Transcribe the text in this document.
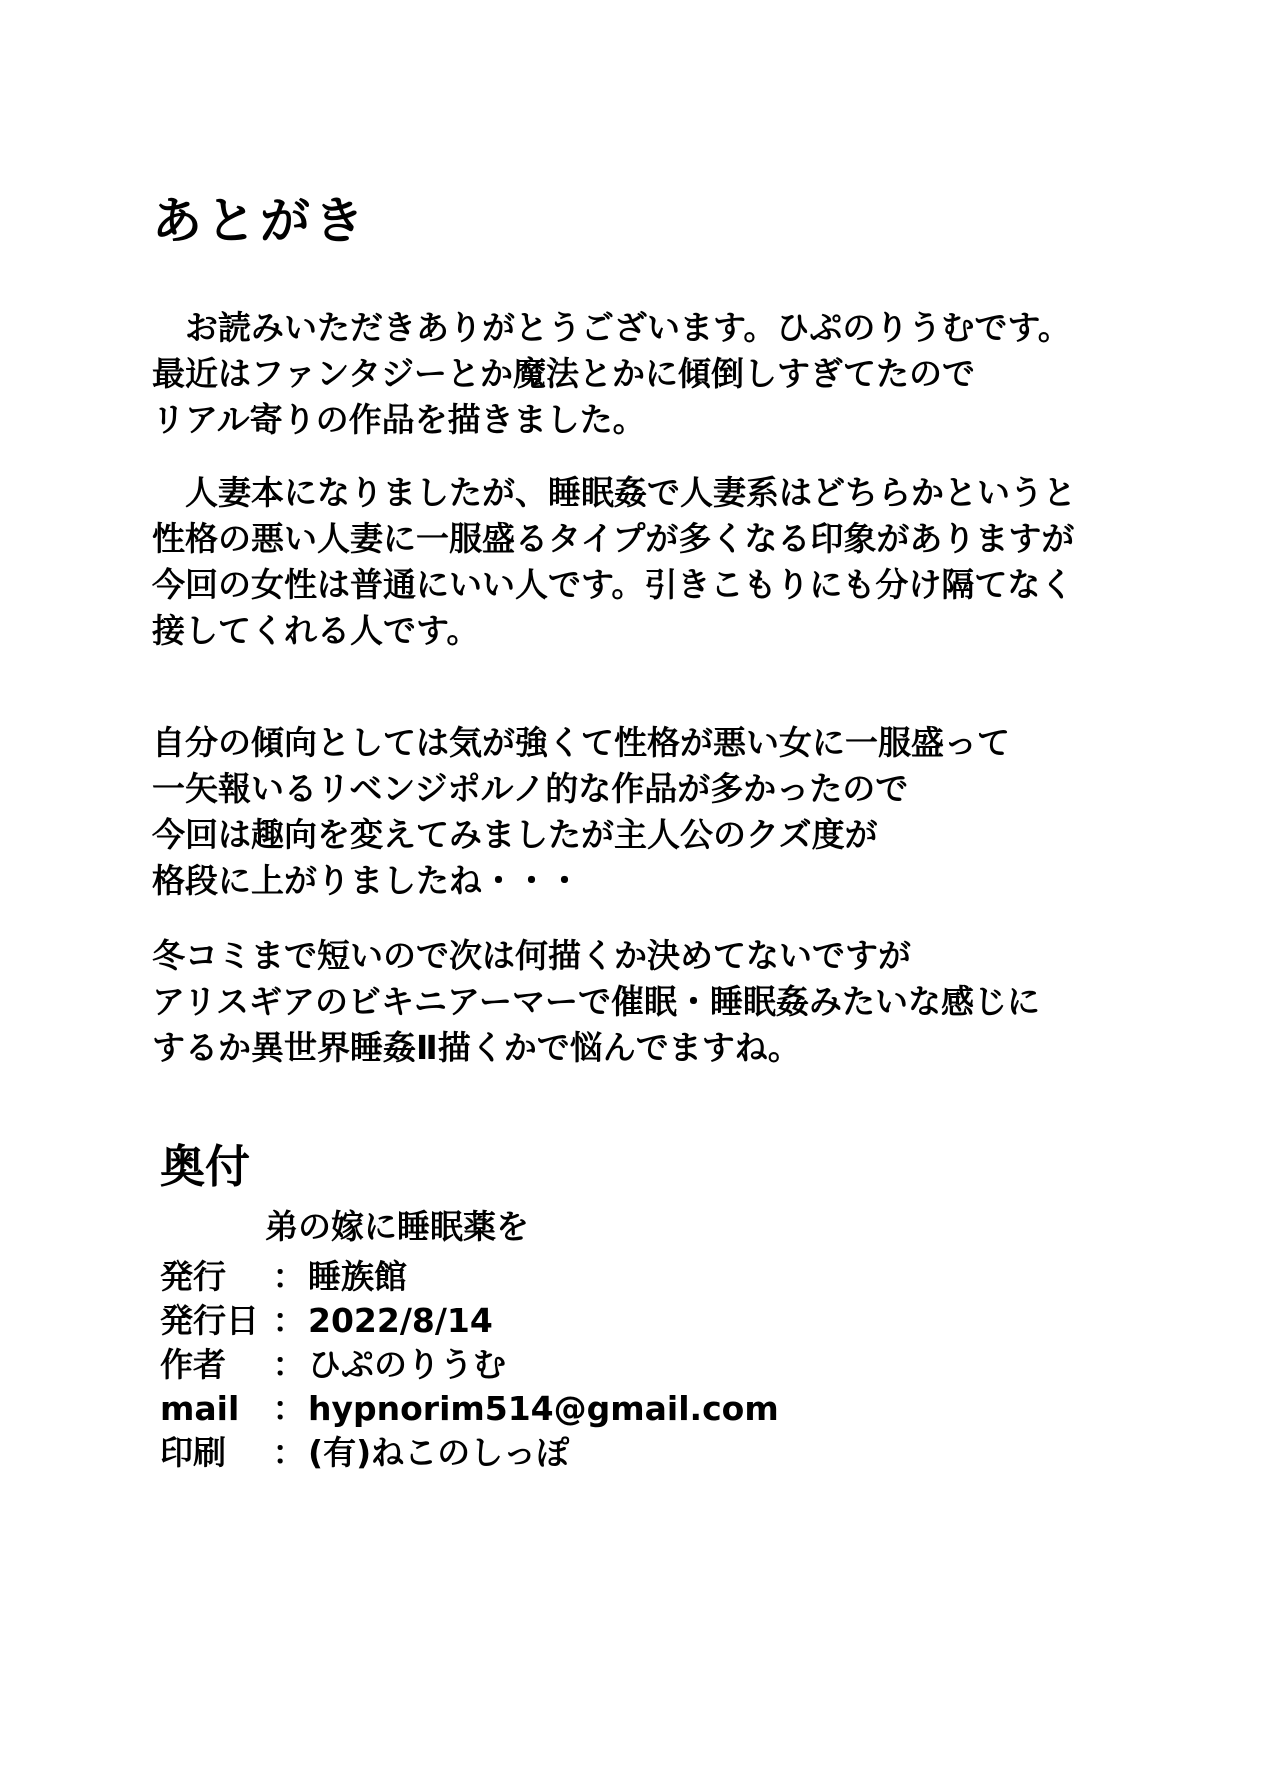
あとがき
　お読みいただきありがとうございます。ひぷのりうむです。
最近はファンタジーとか魔法とかに傾倒しすぎてたので
リアル寄りの作品を描きました。
　人妻本になりましたが、睡眠姦で人妻系はどちらかというと
性格の悪い人妻に一服盛るタイプが多くなる印象がありますが
今回の女性は普通にいい人です。引きこもりにも分け隔てなく
接してくれる人です。
自分の傾向としては気が強くて性格が悪い女に一服盛って
一矢報いるリベンジポルノ的な作品が多かったので
今回は趣向を変えてみましたが主人公のクズ度が
格段に上がりましたね・・・
冬コミまで短いので次は何描くか決めてないですが
アリスギアのビキニアーマーで催眠・睡眠姦みたいな感じに
するか異世界睡姦Ⅱ描くかで悩んでますね。
奥付
弟の嫁に睡眠薬を
発行	： 睡族館
発行日 ： 2022/8/14
作者	： ひぷのりうむ
mail	： hypnorim514@gmail.com
印刷	： (有)ねこのしっぽ
